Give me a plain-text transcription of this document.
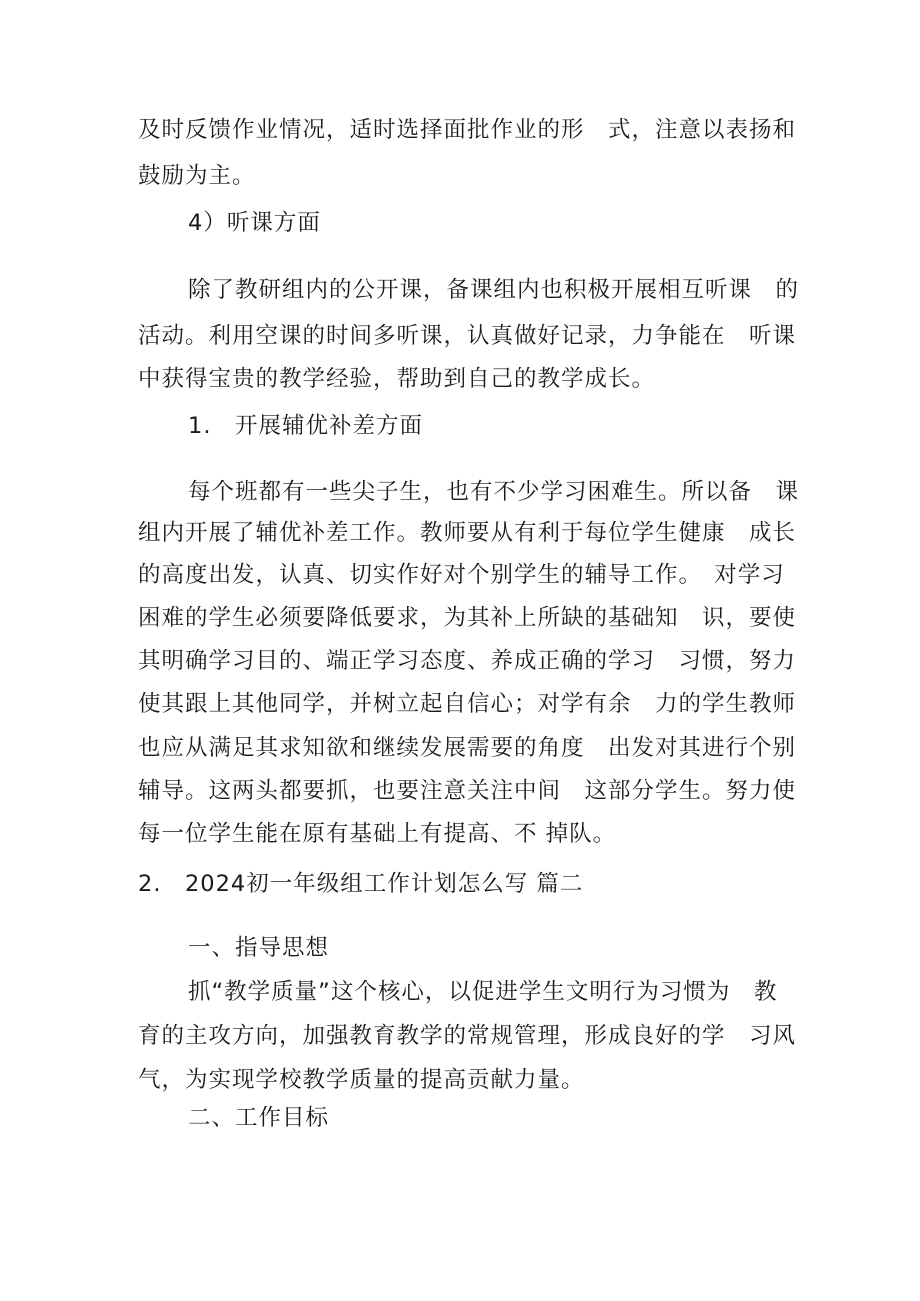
及时反馈作业情况，适时选择面批作业的形　式，注意以表扬和
鼓励为主。
4）听课方面
除了教研组内的公开课，备课组内也积极开展相互听课　的
活动。利用空课的时间多听课，认真做好记录，力争能在　听课
中获得宝贵的教学经验，帮助到自己的教学成长。
1.　开展辅优补差方面
每个班都有一些尖子生，也有不少学习困难生。所以备　课
组内开展了辅优补差工作。教师要从有利于每位学生健康　成长
的高度出发，认真、切实作好对个别学生的辅导工作。　对学习
困难的学生必须要降低要求，为其补上所缺的基础知　识，要使
其明确学习目的、端正学习态度、养成正确的学习　习惯，努力
使其跟上其他同学，并树立起自信心；对学有余　力的学生教师
也应从满足其求知欲和继续发展需要的角度　出发对其进行个别
辅导。这两头都要抓，也要注意关注中间　这部分学生。努力使
每一位学生能在原有基础上有提高、不 掉队。
2.　2024初一年级组工作计划怎么写 篇二
一、指导思想
抓“教学质量”这个核心，以促进学生文明行为习惯为　教
育的主攻方向，加强教育教学的常规管理，形成良好的学　习风
气，为实现学校教学质量的提高贡献力量。
二、工作目标
